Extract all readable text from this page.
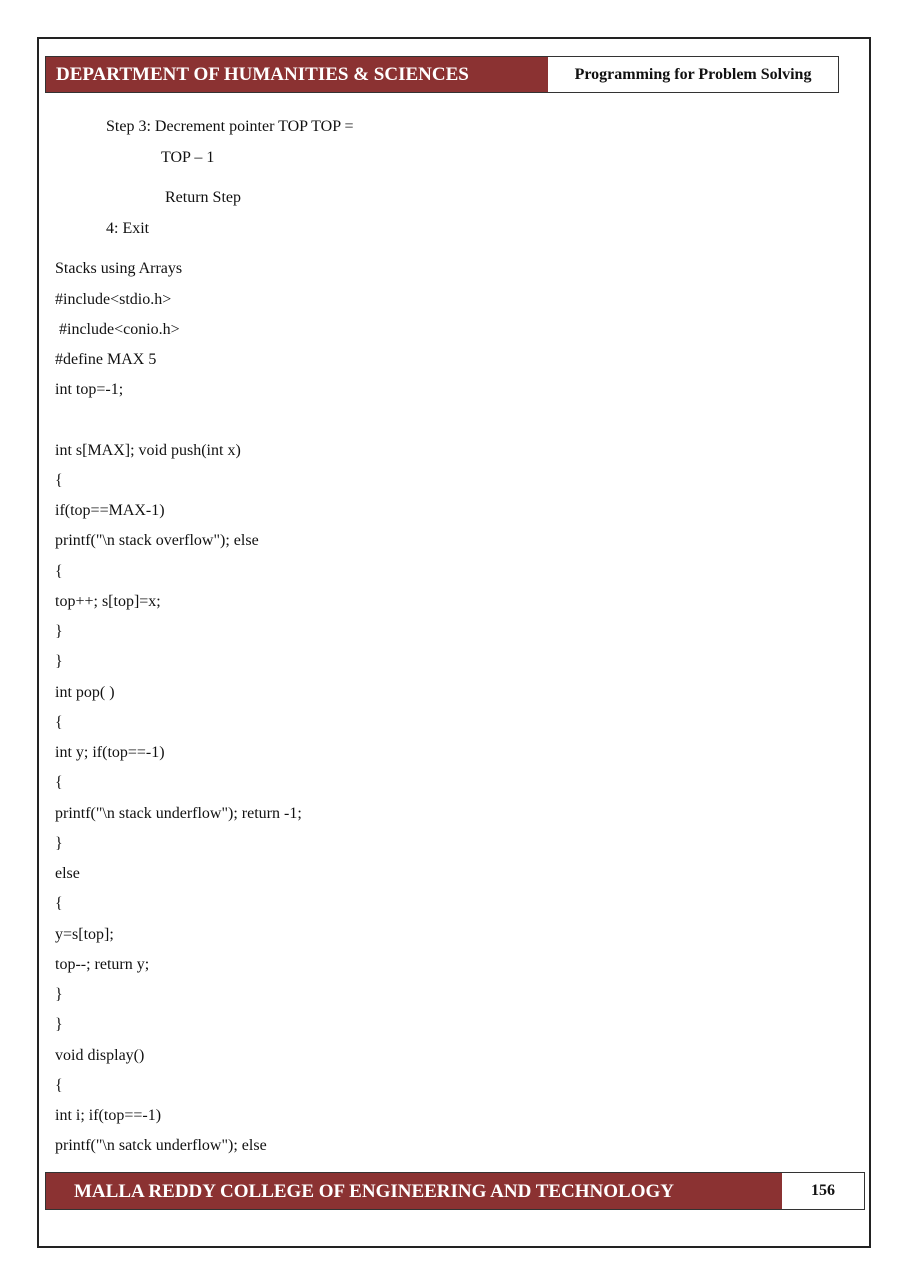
DEPARTMENT OF HUMANITIES & SCIENCES	Programming for Problem Solving
Step 3: Decrement pointer TOP TOP =
TOP – 1
Return Step
4: Exit
Stacks using Arrays
#include<stdio.h>
#include<conio.h>
#define MAX 5
int top=-1;
int s[MAX]; void push(int x)
{
if(top==MAX-1)
printf("\n stack overflow"); else
{
top++; s[top]=x;
}
}
int pop( )
{
int y; if(top==-1)
{
printf("\n stack underflow"); return -1;
}
else
{
y=s[top];
top--; return y;
}
}
void display()
{
int i; if(top==-1)
printf("\n satck underflow"); else
MALLA REDDY COLLEGE OF ENGINEERING AND TECHNOLOGY	156
